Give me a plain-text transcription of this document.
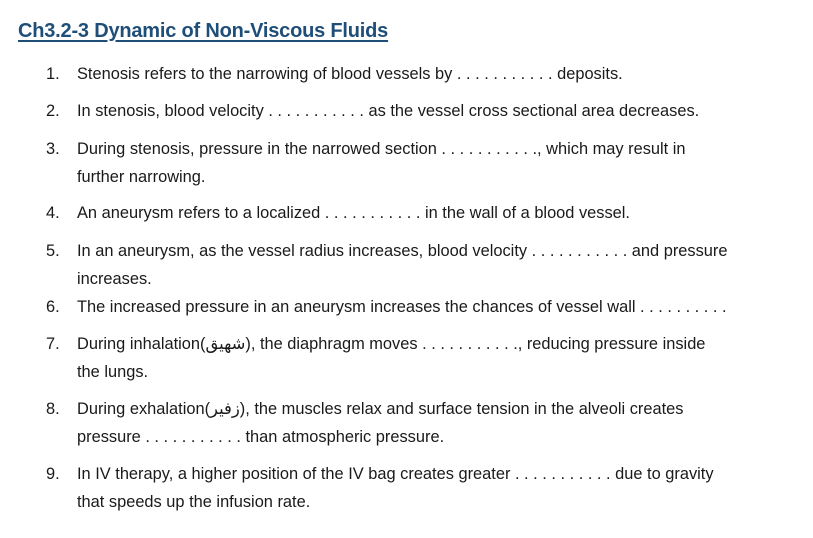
Ch3.2-3 Dynamic of Non-Viscous Fluids
1.	Stenosis refers to the narrowing of blood vessels by . . . . . . . . . . . deposits.
2.	In stenosis, blood velocity . . . . . . . . . . . as the vessel cross sectional area decreases.
3.	During stenosis, pressure in the narrowed section . . . . . . . . . . ., which may result in
further narrowing.
4.	An aneurysm refers to a localized . . . . . . . . . . . in the wall of a blood vessel.
5.	In an aneurysm, as the vessel radius increases, blood velocity . . . . . . . . . . . and pressure
increases.
6.	The increased pressure in an aneurysm increases the chances of vessel wall . . . . . . . . . .
7.	During inhalation(شهيق), the diaphragm moves . . . . . . . . . . ., reducing pressure inside
the lungs.
8.	During exhalation(زفير), the muscles relax and surface tension in the alveoli creates
pressure . . . . . . . . . . . than atmospheric pressure.
9.	In IV therapy, a higher position of the IV bag creates greater . . . . . . . . . . . due to gravity
that speeds up the infusion rate.
